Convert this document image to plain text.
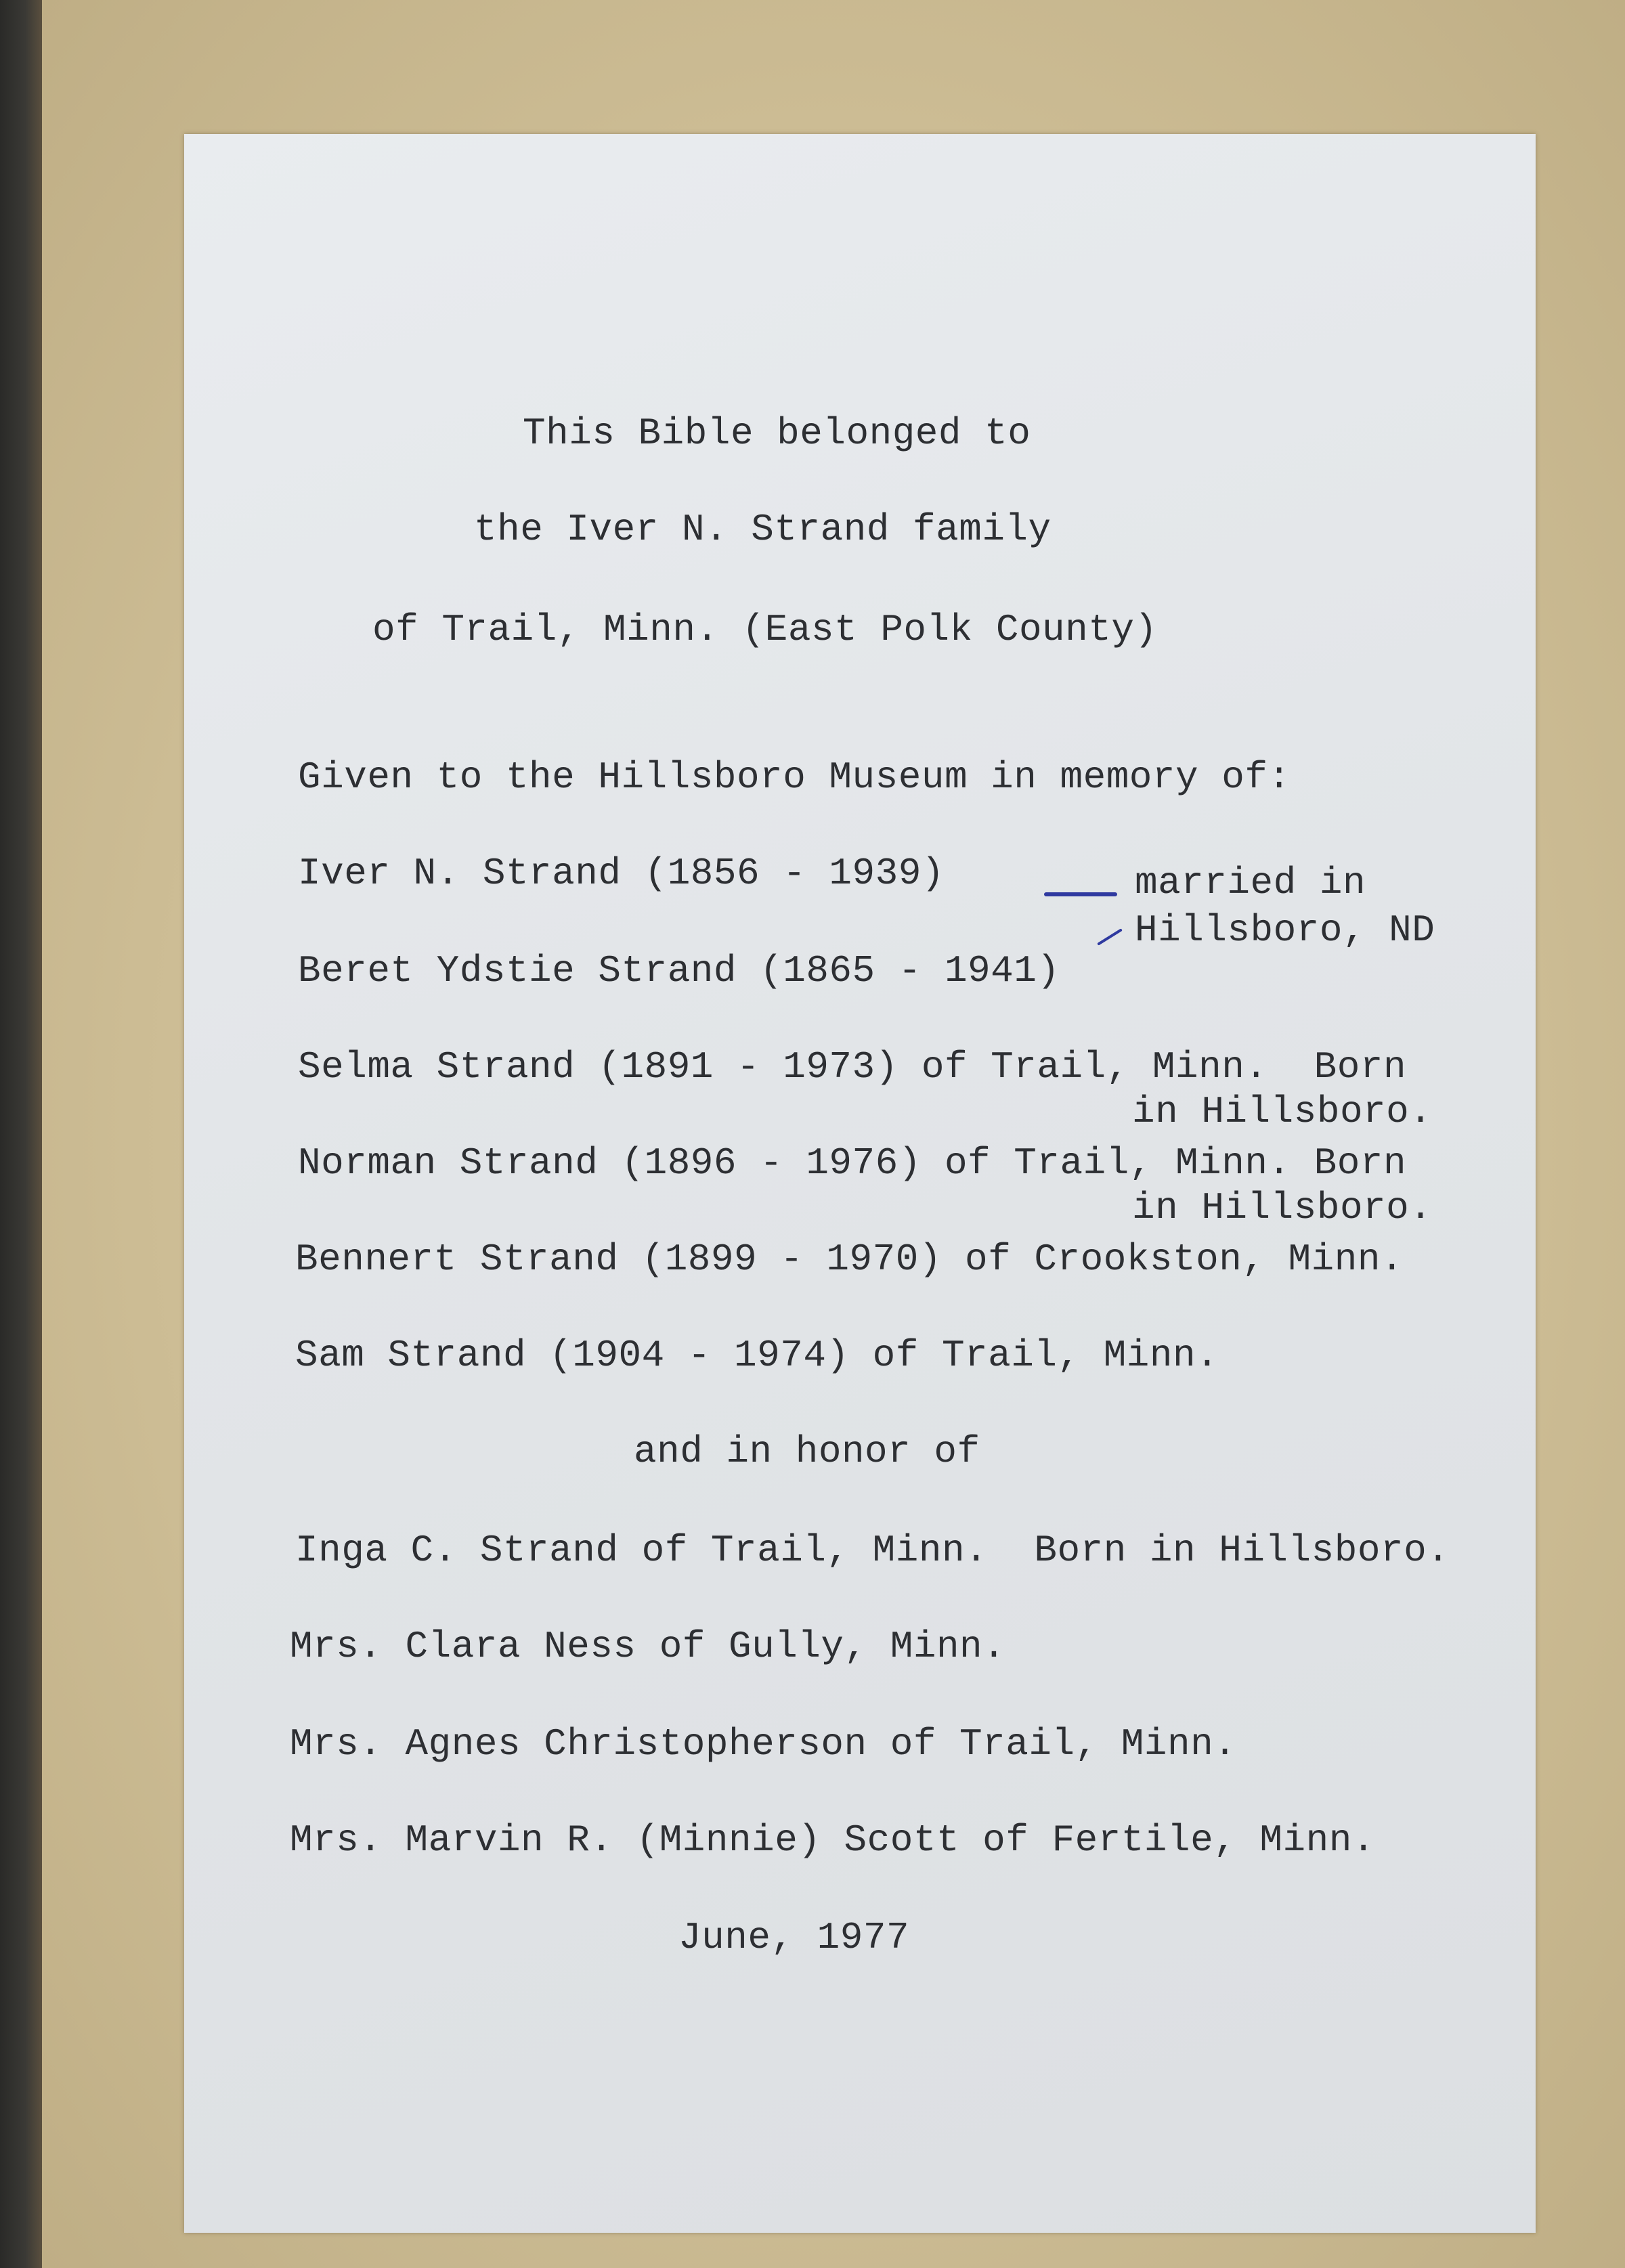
This Bible belonged to
the Iver N. Strand family
of Trail, Minn. (East Polk County)
Given to the Hillsboro Museum in memory of:
Iver N. Strand (1856 - 1939)	married in
Hillsboro, ND
Beret Ydstie Strand (1865 - 1941)
Selma Strand (1891 - 1973) of Trail, Minn.  Born
in Hillsboro.
Norman Strand (1896 - 1976) of Trail, Minn. Born
in Hillsboro.
Bennert Strand (1899 - 1970) of Crookston, Minn.
Sam Strand (1904 - 1974) of Trail, Minn.
and in honor of
Inga C. Strand of Trail, Minn.  Born in Hillsboro.
Mrs. Clara Ness of Gully, Minn.
Mrs. Agnes Christopherson of Trail, Minn.
Mrs. Marvin R. (Minnie) Scott of Fertile, Minn.
June, 1977
